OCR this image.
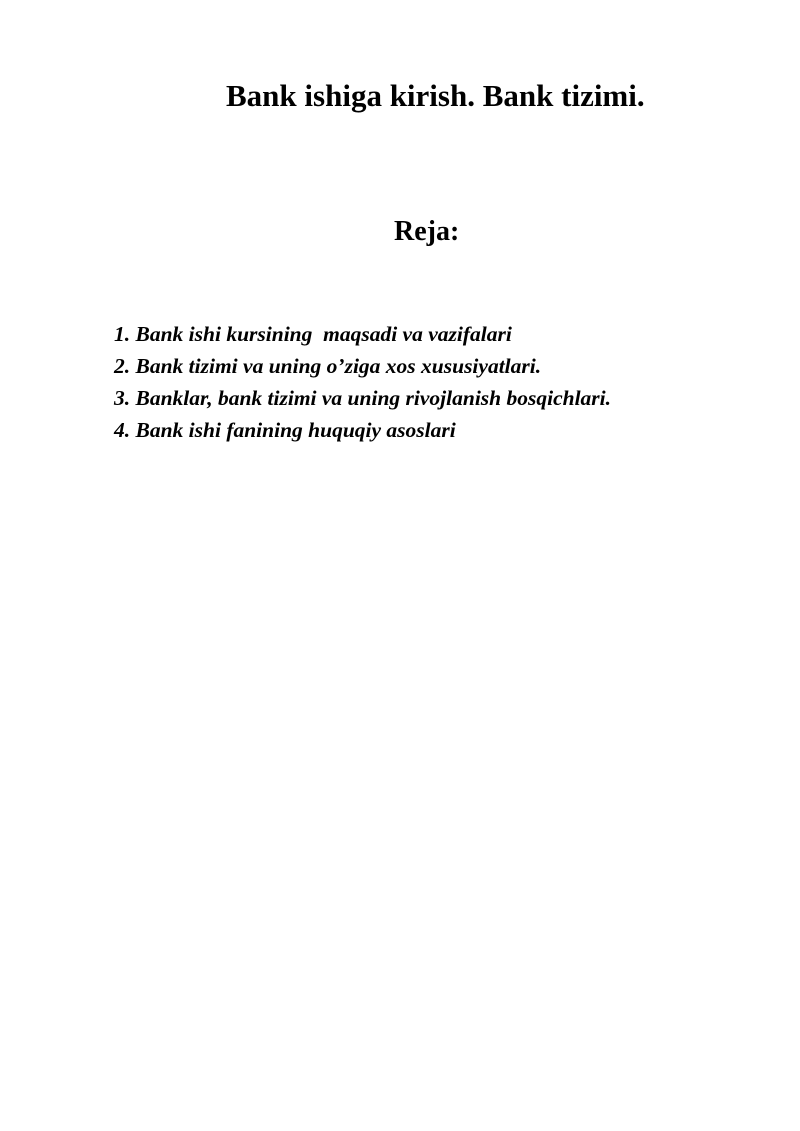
Bank ishiga kirish. Bank tizimi.
Reja:
1. Bank ishi kursining  maqsadi va vazifalari
2. Bank tizimi va uning o’ziga xos xususiyatlari.
3. Banklar, bank tizimi va uning rivojlanish bosqichlari.
4. Bank ishi fanining huquqiy asoslari
